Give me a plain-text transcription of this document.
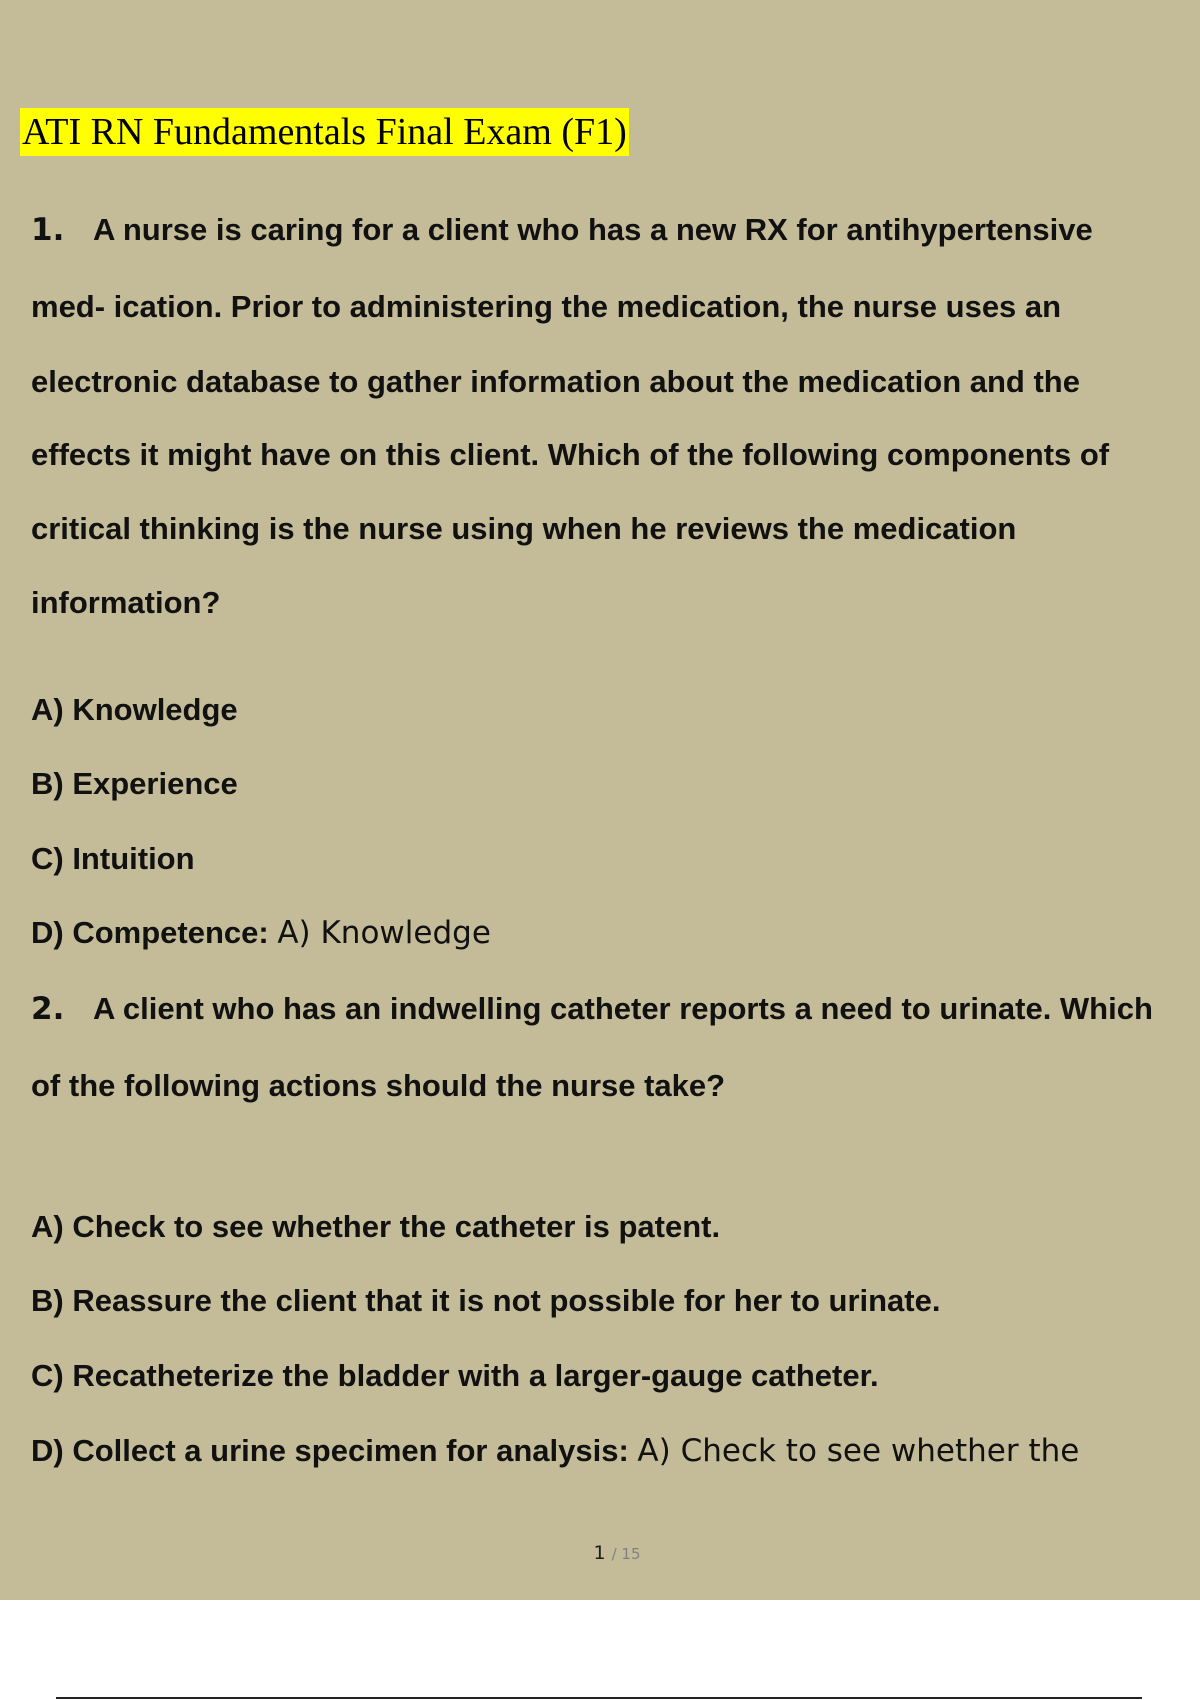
ATI RN Fundamentals Final Exam (F1)

1. A nurse is caring for a client who has a new RX for antihypertensive

med- ication. Prior to administering the medication, the nurse uses an

electronic database to gather information about the medication and the

effects it might have on this client. Which of the following components of

critical thinking is the nurse using when he reviews the medication

information?

A) Knowledge

B) Experience

C) Intuition

D) Competence: A) Knowledge

2. A client who has an indwelling catheter reports a need to urinate. Which

of the following actions should the nurse take?

A) Check to see whether the catheter is patent.

B) Reassure the client that it is not possible for her to urinate.

C) Recatheterize the bladder with a larger-gauge catheter.

D) Collect a urine specimen for analysis: A) Check to see whether the

1 / 15
